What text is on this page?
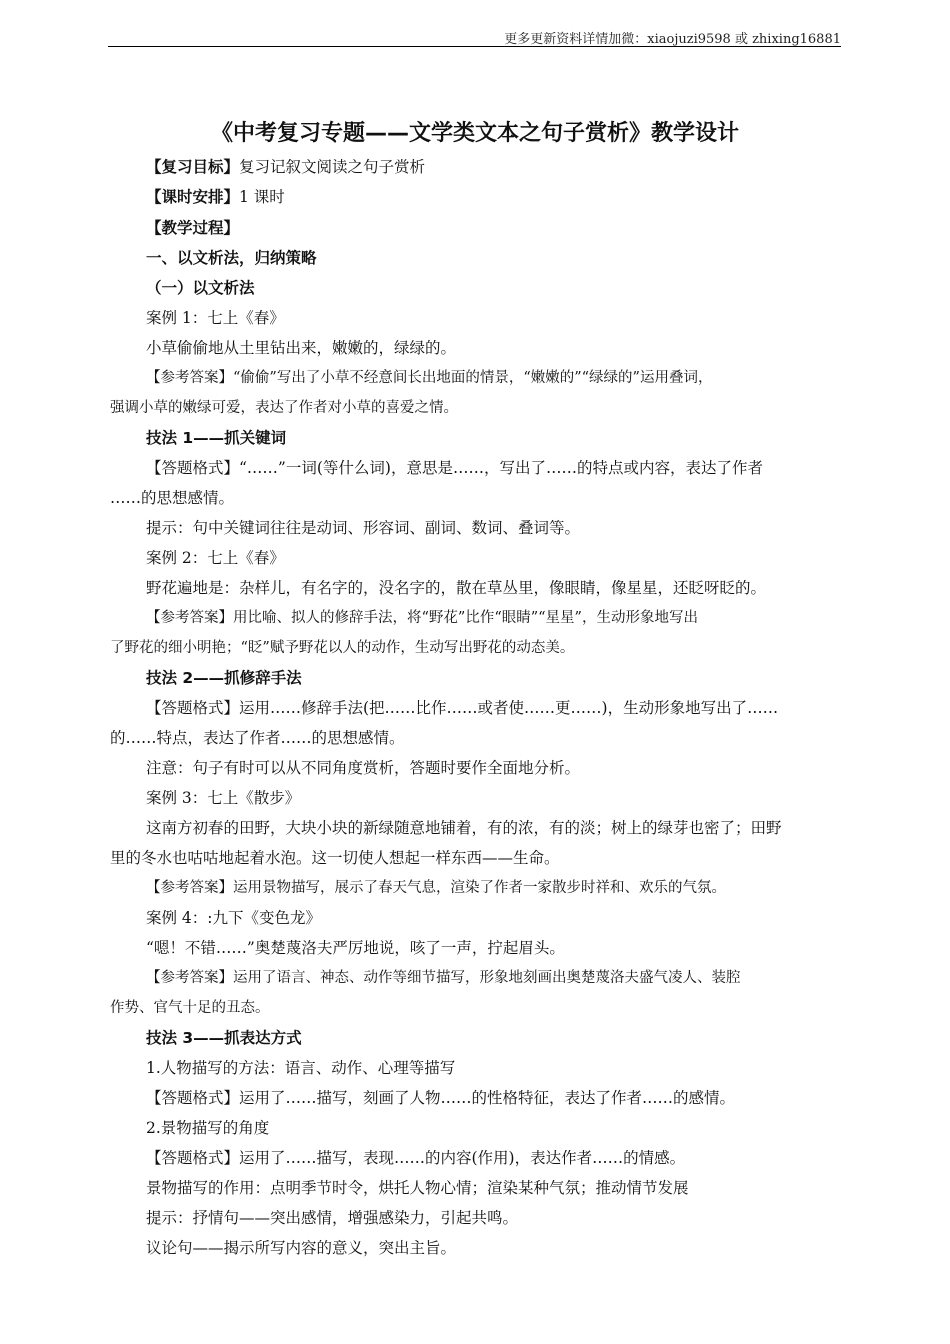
更多更新资料详情加微：xiaojuzi9598 或 zhixing16881
《中考复习专题——文学类文本之句子赏析》教学设计
【复习目标】复习记叙文阅读之句子赏析
【课时安排】1 课时
【教学过程】
一、以文析法，归纳策略
（一）以文析法
案例 1：七上《春》
小草偷偷地从土里钻出来，嫩嫩的，绿绿的。
【参考答案】“偷偷”写出了小草不经意间长出地面的情景，“嫩嫩的”“绿绿的”运用叠词，
强调小草的嫩绿可爱，表达了作者对小草的喜爱之情。
技法 1——抓关键词
【答题格式】“……”一词(等什么词)，意思是……，写出了……的特点或内容，表达了作者
……的思想感情。
提示：句中关键词往往是动词、形容词、副词、数词、叠词等。
案例 2：七上《春》
野花遍地是：杂样儿，有名字的，没名字的，散在草丛里，像眼睛，像星星，还眨呀眨的。
【参考答案】用比喻、拟人的修辞手法，将“野花”比作“眼睛”“星星”，生动形象地写出
了野花的细小明艳；“眨”赋予野花以人的动作，生动写出野花的动态美。
技法 2——抓修辞手法
【答题格式】运用……修辞手法(把……比作……或者使……更……)，生动形象地写出了……
的……特点，表达了作者……的思想感情。
注意：句子有时可以从不同角度赏析，答题时要作全面地分析。
案例 3：七上《散步》
这南方初春的田野，大块小块的新绿随意地铺着，有的浓，有的淡；树上的绿芽也密了；田野
里的冬水也咕咕地起着水泡。这一切使人想起一样东西——生命。
【参考答案】运用景物描写，展示了春天气息，渲染了作者一家散步时祥和、欢乐的气氛。
案例 4：:九下《变色龙》
“嗯！不错……”奥楚蔑洛夫严厉地说，咳了一声，拧起眉头。
【参考答案】运用了语言、神态、动作等细节描写，形象地刻画出奥楚蔑洛夫盛气凌人、装腔
作势、官气十足的丑态。
技法 3——抓表达方式
1.人物描写的方法：语言、动作、心理等描写
【答题格式】运用了……描写，刻画了人物……的性格特征，表达了作者……的感情。
2.景物描写的角度
【答题格式】运用了……描写，表现……的内容(作用)，表达作者……的情感。
景物描写的作用：点明季节时令，烘托人物心情；渲染某种气氛；推动情节发展
提示：抒情句——突出感情，增强感染力，引起共鸣。
议论句——揭示所写内容的意义，突出主旨。
